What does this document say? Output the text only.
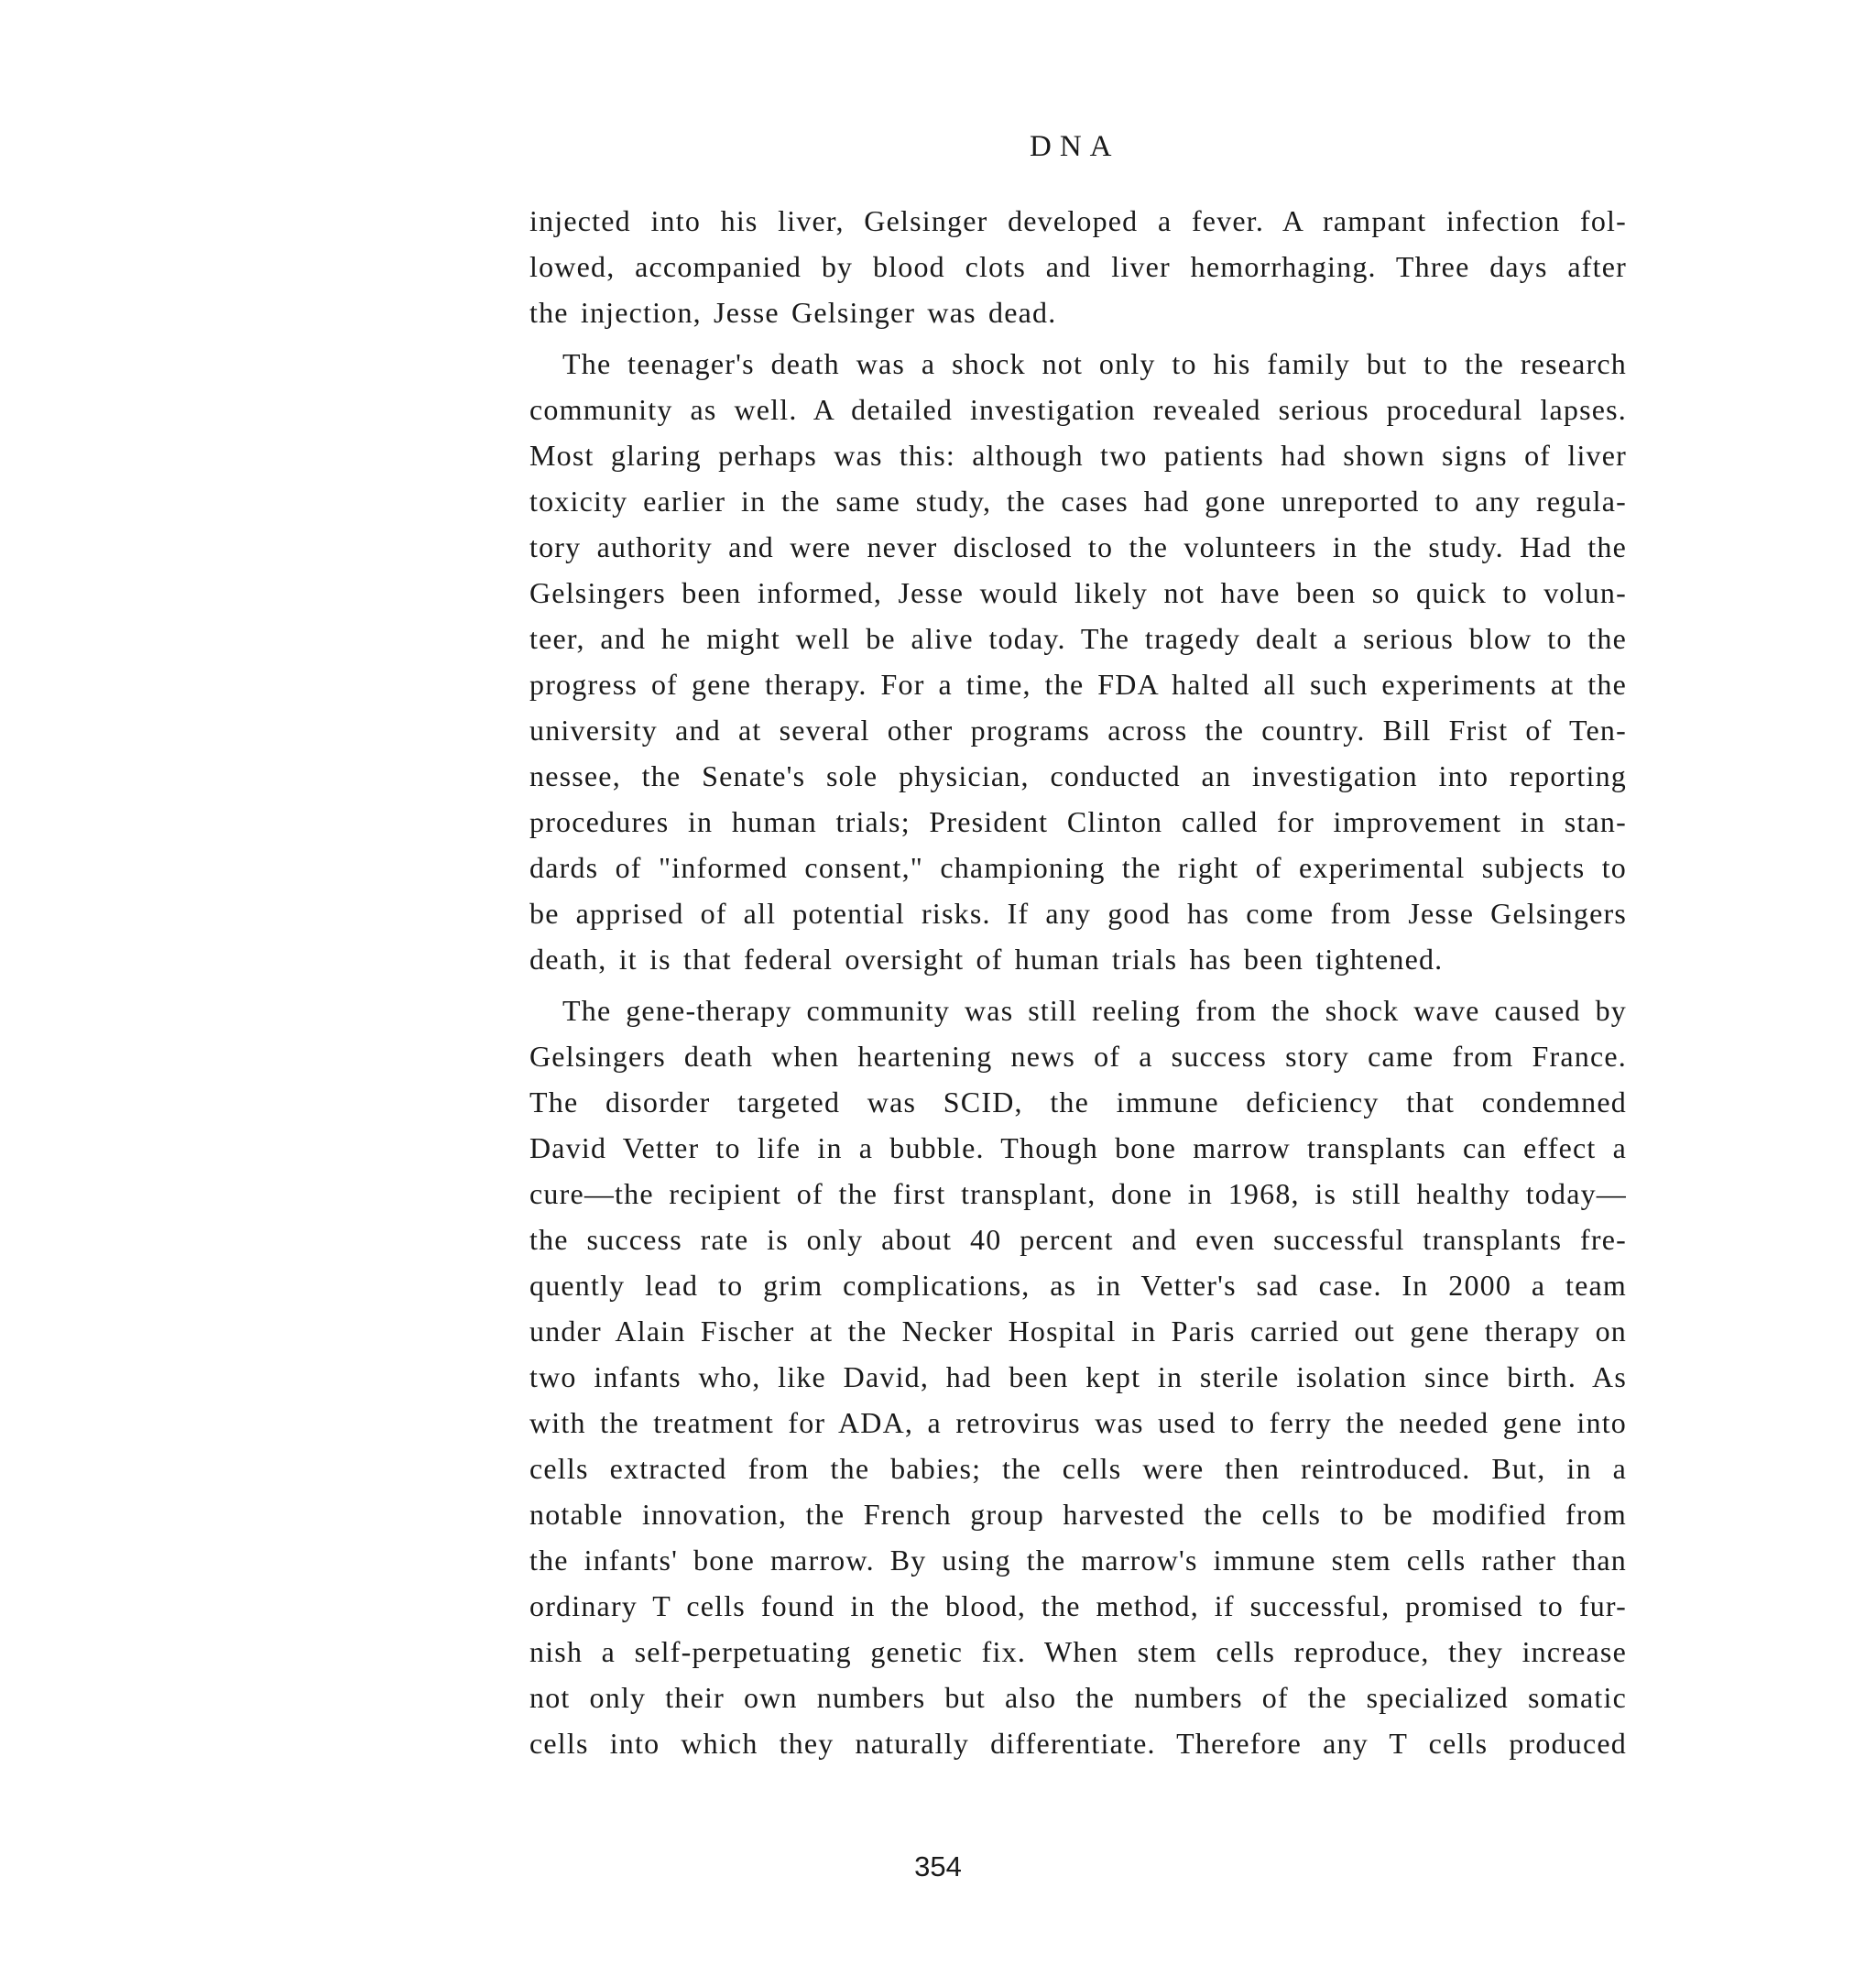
DNA
injected into his liver, Gelsinger developed a fever. A rampant infection fol-
lowed, accompanied by blood clots and liver hemorrhaging. Three days after
the injection, Jesse Gelsinger was dead.
The teenager's death was a shock not only to his family but to the research
community as well. A detailed investigation revealed serious procedural lapses.
Most glaring perhaps was this: although two patients had shown signs of liver
toxicity earlier in the same study, the cases had gone unreported to any regula-
tory authority and were never disclosed to the volunteers in the study. Had the
Gelsingers been informed, Jesse would likely not have been so quick to volun-
teer, and he might well be alive today. The tragedy dealt a serious blow to the
progress of gene therapy. For a time, the FDA halted all such experiments at the
university and at several other programs across the country. Bill Frist of Ten-
nessee, the Senate's sole physician, conducted an investigation into reporting
procedures in human trials; President Clinton called for improvement in stan-
dards of "informed consent," championing the right of experimental subjects to
be apprised of all potential risks. If any good has come from Jesse Gelsingers
death, it is that federal oversight of human trials has been tightened.
The gene-therapy community was still reeling from the shock wave caused by
Gelsingers death when heartening news of a success story came from France.
The disorder targeted was SCID, the immune deficiency that condemned
David Vetter to life in a bubble. Though bone marrow transplants can effect a
cure—the recipient of the first transplant, done in 1968, is still healthy today—
the success rate is only about 40 percent and even successful transplants fre-
quently lead to grim complications, as in Vetter's sad case. In 2000 a team
under Alain Fischer at the Necker Hospital in Paris carried out gene therapy on
two infants who, like David, had been kept in sterile isolation since birth. As
with the treatment for ADA, a retrovirus was used to ferry the needed gene into
cells extracted from the babies; the cells were then reintroduced. But, in a
notable innovation, the French group harvested the cells to be modified from
the infants' bone marrow. By using the marrow's immune stem cells rather than
ordinary T cells found in the blood, the method, if successful, promised to fur-
nish a self-perpetuating genetic fix. When stem cells reproduce, they increase
not only their own numbers but also the numbers of the specialized somatic
cells into which they naturally differentiate. Therefore any T cells produced
354
